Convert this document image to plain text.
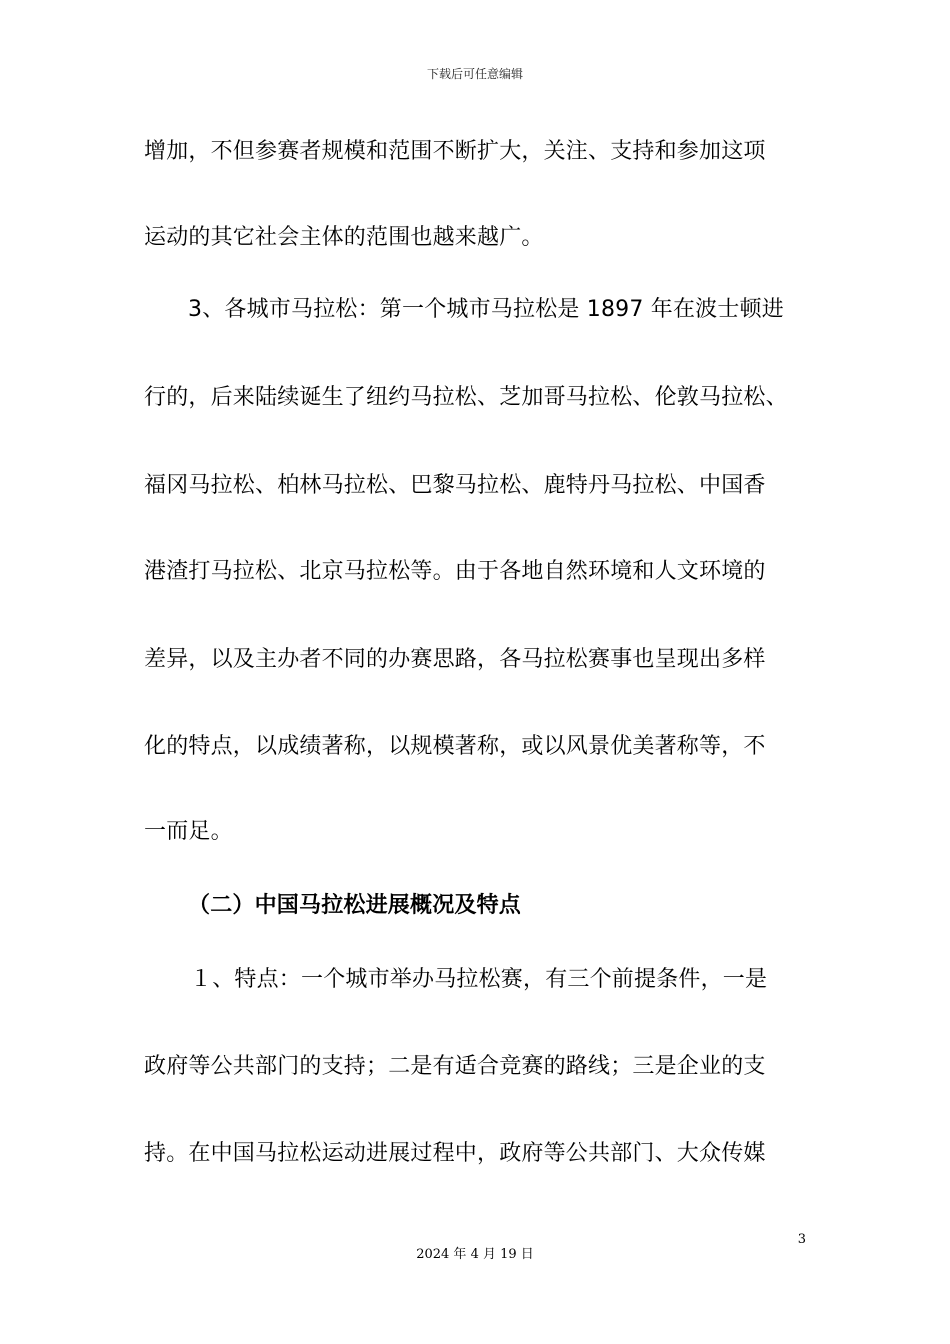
下载后可任意编辑
增加，不但参赛者规模和范围不断扩大，关注、支持和参加这项
运动的其它社会主体的范围也越来越广。
3、各城市马拉松：第一个城市马拉松是 1897 年在波士顿进
行的，后来陆续诞生了纽约马拉松、芝加哥马拉松、伦敦马拉松、
福冈马拉松、柏林马拉松、巴黎马拉松、鹿特丹马拉松、中国香
港渣打马拉松、北京马拉松等。由于各地自然环境和人文环境的
差异，以及主办者不同的办赛思路，各马拉松赛事也呈现出多样
化的特点，以成绩著称，以规模著称，或以风景优美著称等，不
一而足。
（二）中国马拉松进展概况及特点
１、特点：一个城市举办马拉松赛，有三个前提条件，一是
政府等公共部门的支持；二是有适合竞赛的路线；三是企业的支
持。在中国马拉松运动进展过程中，政府等公共部门、大众传媒
3
2024 年 4 月 19 日
